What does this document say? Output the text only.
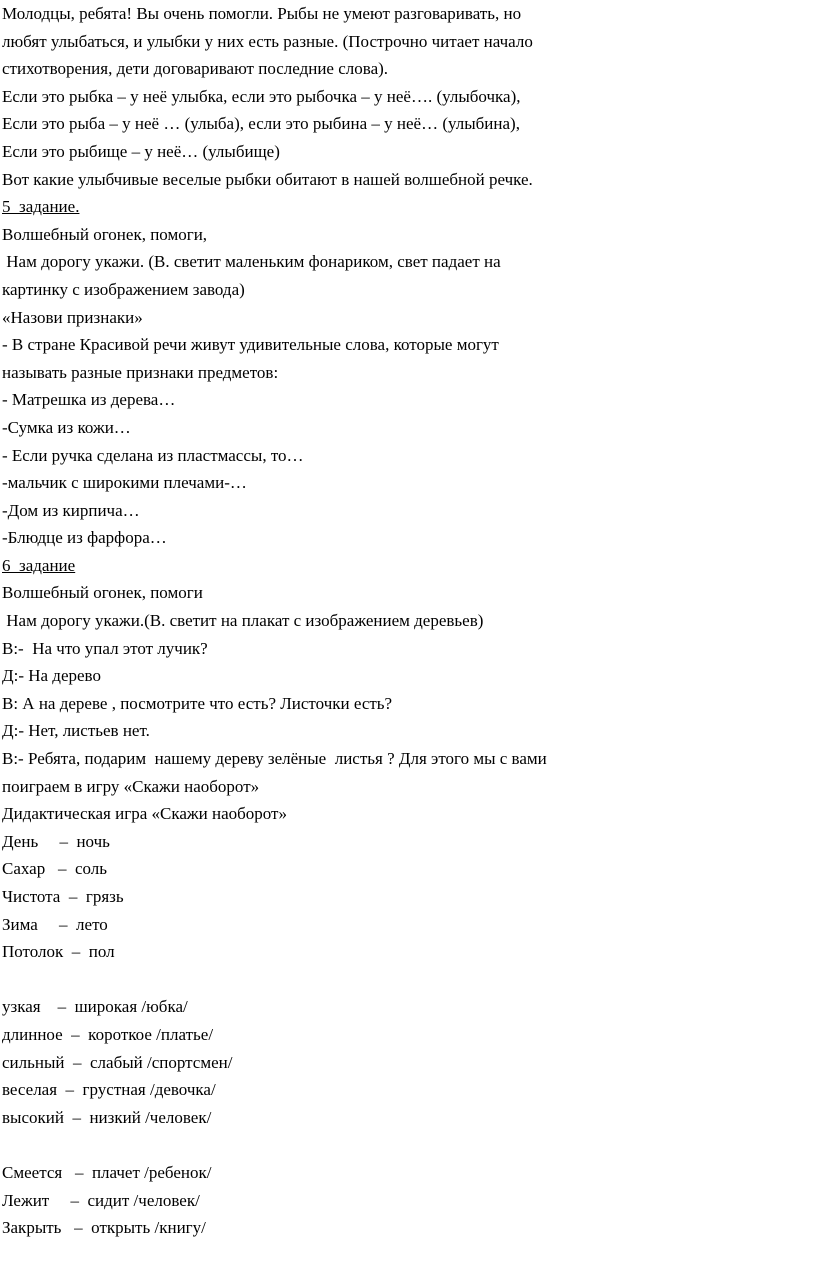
Молодцы, ребята! Вы очень помогли. Рыбы не умеют разговаривать, но
любят улыбаться, и улыбки у них есть разные. (Построчно читает начало
стихотворения, дети договаривают последние слова).
Если это рыбка – у неё улыбка, если это рыбочка – у неё…. (улыбочка),
Если это рыба – у неё … (улыба), если это рыбина – у неё… (улыбина),
Если это рыбище – у неё… (улыбище)
Вот какие улыбчивые веселые рыбки обитают в нашей волшебной речке.
5  задание.
Волшебный огонек, помоги,
Нам дорогу укажи. (В. светит маленьким фонариком, свет падает на
картинку с изображением завода)
«Назови признаки»
- В стране Красивой речи живут удивительные слова, которые могут
называть разные признаки предметов:
- Матрешка из дерева…
-Сумка из кожи…
- Если ручка сделана из пластмассы, то…
-мальчик с широкими плечами-…
-Дом из кирпича…
-Блюдце из фарфора…
6  задание
Волшебный огонек, помоги
Нам дорогу укажи.(В. светит на плакат с изображением деревьев)
В:-  На что упал этот лучик?
Д:- На дерево
В: А на дереве , посмотрите что есть? Листочки есть?
Д:- Нет, листьев нет.
В:- Ребята, подарим  нашему дереву зелёные  листья ? Для этого мы с вами
поиграем в игру «Скажи наоборот»
Дидактическая игра «Скажи наоборот»
День     –  ночь
Сахар   –  соль
Чистота  –  грязь
Зима     –  лето
Потолок  –  пол
узкая    –  широкая /юбка/
длинное  –  короткое /платье/
сильный  –  слабый /спортсмен/
веселая  –  грустная /девочка/
высокий  –  низкий /человек/
Смеется   –  плачет /ребенок/
Лежит     –  сидит /человек/
Закрыть   –  открыть /книгу/
